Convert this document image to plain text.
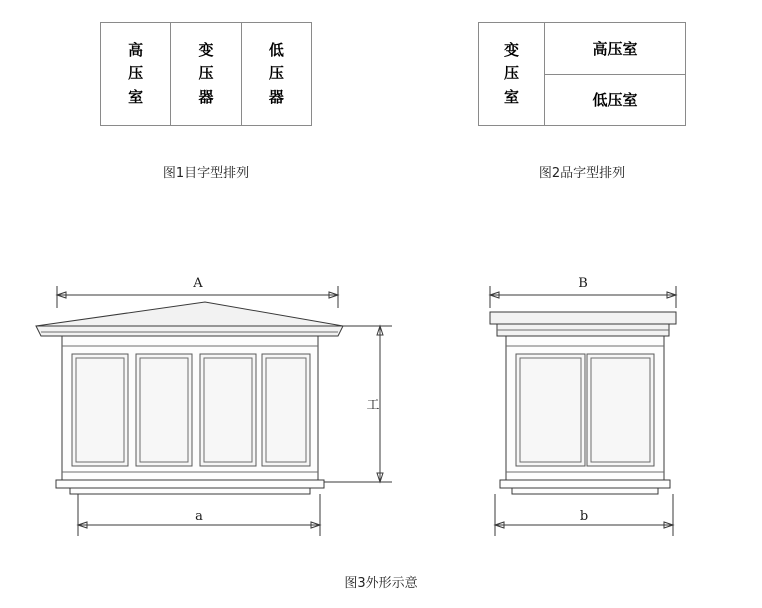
高
压
室
变
压
器
低
压
器
图1目字型排列
变
压
室
高压室
低压室
图2品字型排列
A
工
a
B
b
图3外形示意
